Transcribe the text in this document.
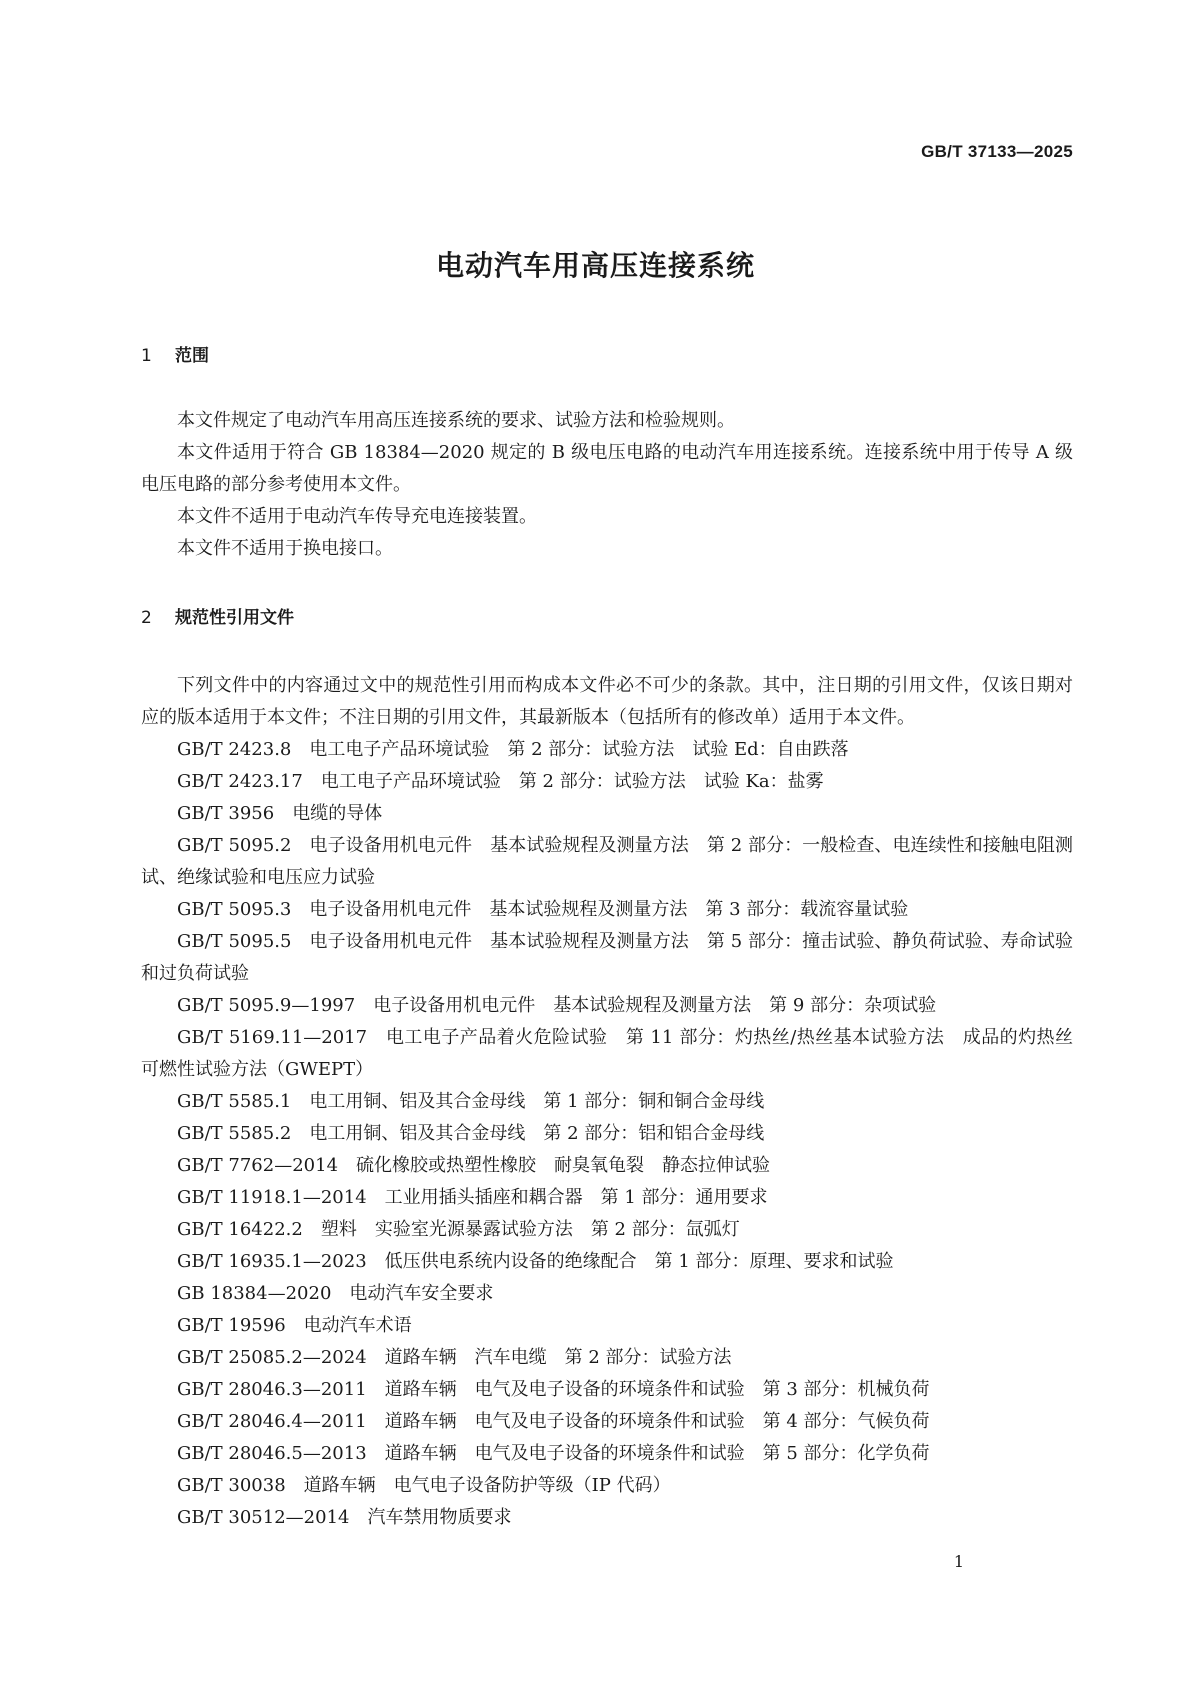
GB/T 37133—2025
电动汽车用高压连接系统
1 范围

本文件规定了电动汽车用高压连接系统的要求、试验方法和检验规则。

本文件适用于符合 GB 18384—2020 规定的 B 级电压电路的电动汽车用连接系统。连接系统中用于传导 A 级电压电路的部分参考使用本文件。

本文件不适用于电动汽车传导充电连接装置。

本文件不适用于换电接口。

2 规范性引用文件

下列文件中的内容通过文中的规范性引用而构成本文件必不可少的条款。其中，注日期的引用文件，仅该日期对应的版本适用于本文件；不注日期的引用文件，其最新版本（包括所有的修改单）适用于本文件。

GB/T 2423.8　电工电子产品环境试验　第 2 部分：试验方法　试验 Ed：自由跌落

GB/T 2423.17　电工电子产品环境试验　第 2 部分：试验方法　试验 Ka：盐雾

GB/T 3956　电缆的导体

GB/T 5095.2　电子设备用机电元件　基本试验规程及测量方法　第 2 部分：一般检查、电连续性和接触电阻测试、绝缘试验和电压应力试验

GB/T 5095.3　电子设备用机电元件　基本试验规程及测量方法　第 3 部分：载流容量试验

GB/T 5095.5　电子设备用机电元件　基本试验规程及测量方法　第 5 部分：撞击试验、静负荷试验、寿命试验和过负荷试验

GB/T 5095.9—1997　电子设备用机电元件　基本试验规程及测量方法　第 9 部分：杂项试验

GB/T 5169.11—2017　电工电子产品着火危险试验　第 11 部分：灼热丝/热丝基本试验方法　成品的灼热丝可燃性试验方法（GWEPT）

GB/T 5585.1　电工用铜、铝及其合金母线　第 1 部分：铜和铜合金母线

GB/T 5585.2　电工用铜、铝及其合金母线　第 2 部分：铝和铝合金母线

GB/T 7762—2014　硫化橡胶或热塑性橡胶　耐臭氧龟裂　静态拉伸试验

GB/T 11918.1—2014　工业用插头插座和耦合器　第 1 部分：通用要求

GB/T 16422.2　塑料　实验室光源暴露试验方法　第 2 部分：氙弧灯

GB/T 16935.1—2023　低压供电系统内设备的绝缘配合　第 1 部分：原理、要求和试验

GB 18384—2020　电动汽车安全要求

GB/T 19596　电动汽车术语

GB/T 25085.2—2024　道路车辆　汽车电缆　第 2 部分：试验方法

GB/T 28046.3—2011　道路车辆　电气及电子设备的环境条件和试验　第 3 部分：机械负荷

GB/T 28046.4—2011　道路车辆　电气及电子设备的环境条件和试验　第 4 部分：气候负荷

GB/T 28046.5—2013　道路车辆　电气及电子设备的环境条件和试验　第 5 部分：化学负荷

GB/T 30038　道路车辆　电气电子设备防护等级（IP 代码）

GB/T 30512—2014　汽车禁用物质要求

1
